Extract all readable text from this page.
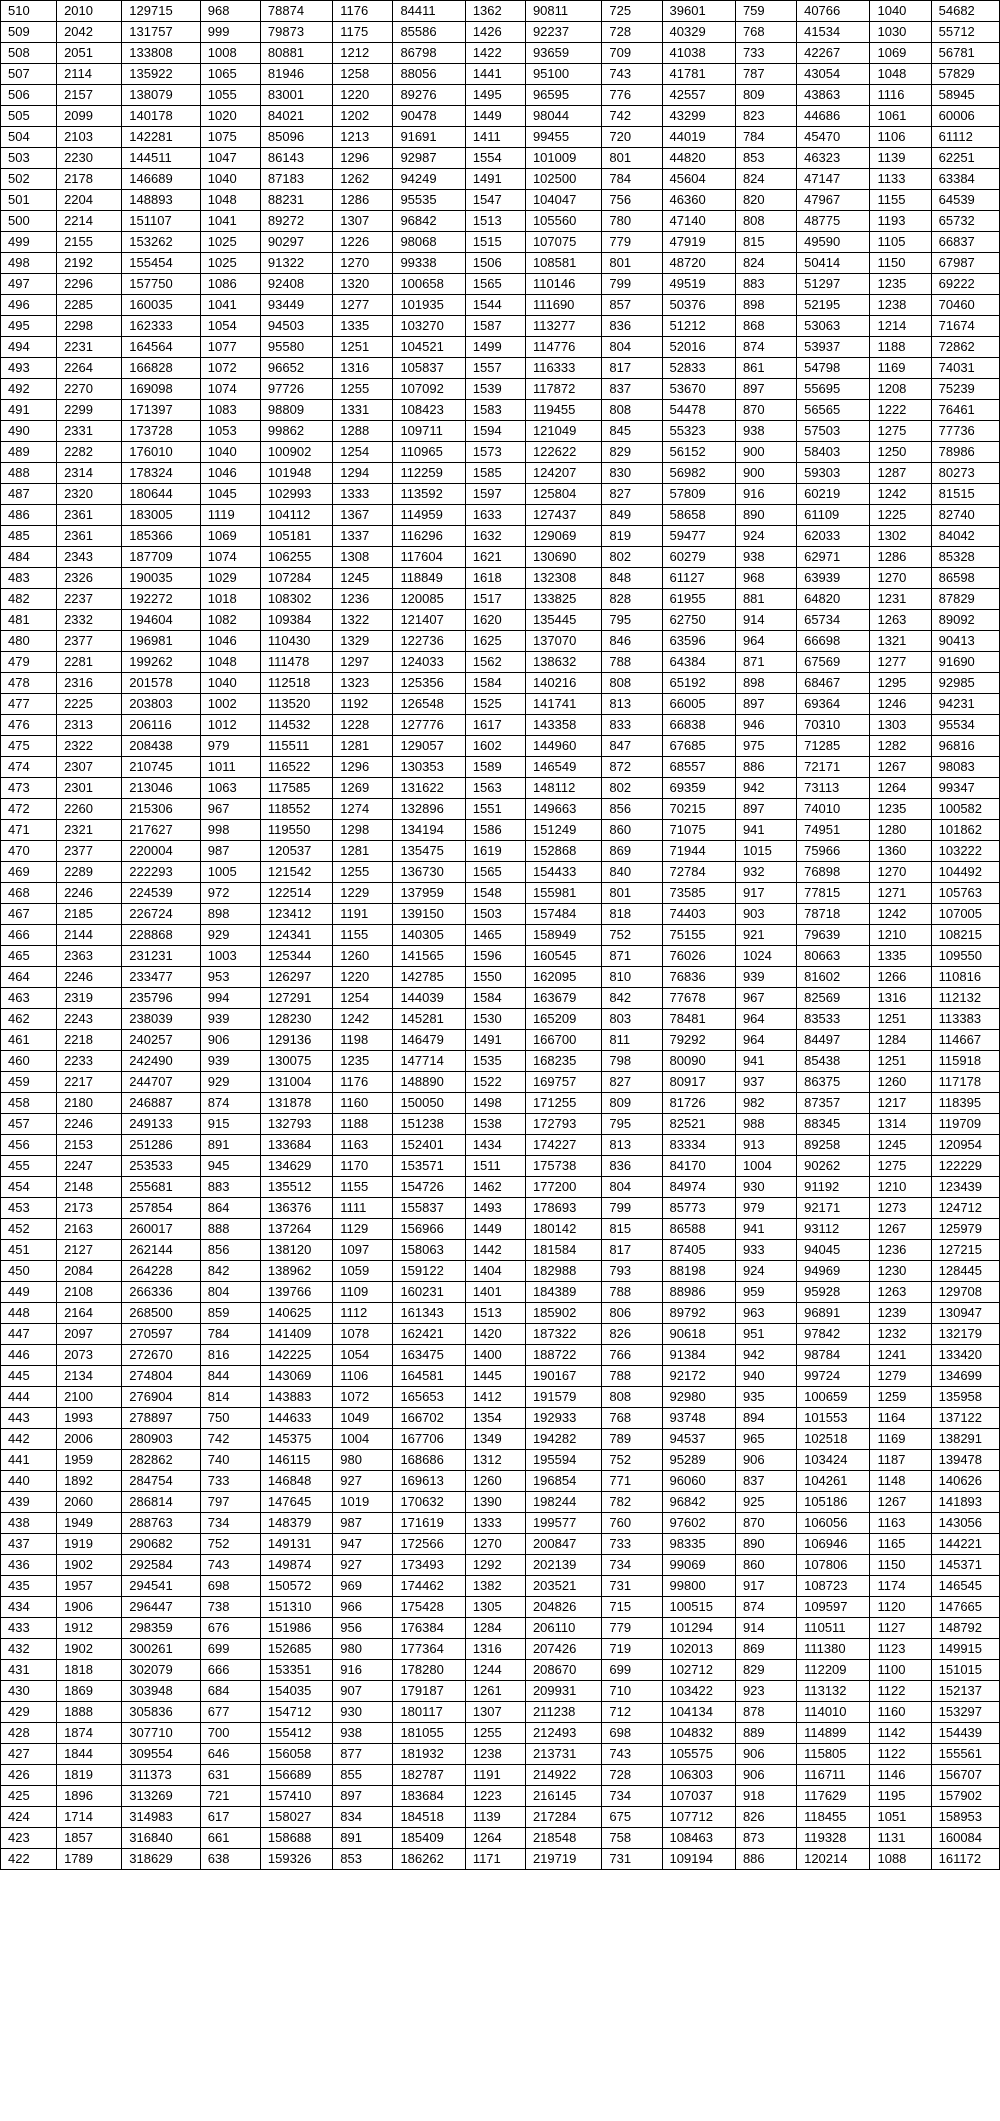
510	2010	129715	968	78874	1176	84411	1362	90811	725	39601	759	40766	1040	54682
509	2042	131757	999	79873	1175	85586	1426	92237	728	40329	768	41534	1030	55712
508	2051	133808	1008	80881	1212	86798	1422	93659	709	41038	733	42267	1069	56781
507	2114	135922	1065	81946	1258	88056	1441	95100	743	41781	787	43054	1048	57829
506	2157	138079	1055	83001	1220	89276	1495	96595	776	42557	809	43863	1116	58945
505	2099	140178	1020	84021	1202	90478	1449	98044	742	43299	823	44686	1061	60006
504	2103	142281	1075	85096	1213	91691	1411	99455	720	44019	784	45470	1106	61112
503	2230	144511	1047	86143	1296	92987	1554	101009	801	44820	853	46323	1139	62251
502	2178	146689	1040	87183	1262	94249	1491	102500	784	45604	824	47147	1133	63384
501	2204	148893	1048	88231	1286	95535	1547	104047	756	46360	820	47967	1155	64539
500	2214	151107	1041	89272	1307	96842	1513	105560	780	47140	808	48775	1193	65732
499	2155	153262	1025	90297	1226	98068	1515	107075	779	47919	815	49590	1105	66837
498	2192	155454	1025	91322	1270	99338	1506	108581	801	48720	824	50414	1150	67987
497	2296	157750	1086	92408	1320	100658	1565	110146	799	49519	883	51297	1235	69222
496	2285	160035	1041	93449	1277	101935	1544	111690	857	50376	898	52195	1238	70460
495	2298	162333	1054	94503	1335	103270	1587	113277	836	51212	868	53063	1214	71674
494	2231	164564	1077	95580	1251	104521	1499	114776	804	52016	874	53937	1188	72862
493	2264	166828	1072	96652	1316	105837	1557	116333	817	52833	861	54798	1169	74031
492	2270	169098	1074	97726	1255	107092	1539	117872	837	53670	897	55695	1208	75239
491	2299	171397	1083	98809	1331	108423	1583	119455	808	54478	870	56565	1222	76461
490	2331	173728	1053	99862	1288	109711	1594	121049	845	55323	938	57503	1275	77736
489	2282	176010	1040	100902	1254	110965	1573	122622	829	56152	900	58403	1250	78986
488	2314	178324	1046	101948	1294	112259	1585	124207	830	56982	900	59303	1287	80273
487	2320	180644	1045	102993	1333	113592	1597	125804	827	57809	916	60219	1242	81515
486	2361	183005	1119	104112	1367	114959	1633	127437	849	58658	890	61109	1225	82740
485	2361	185366	1069	105181	1337	116296	1632	129069	819	59477	924	62033	1302	84042
484	2343	187709	1074	106255	1308	117604	1621	130690	802	60279	938	62971	1286	85328
483	2326	190035	1029	107284	1245	118849	1618	132308	848	61127	968	63939	1270	86598
482	2237	192272	1018	108302	1236	120085	1517	133825	828	61955	881	64820	1231	87829
481	2332	194604	1082	109384	1322	121407	1620	135445	795	62750	914	65734	1263	89092
480	2377	196981	1046	110430	1329	122736	1625	137070	846	63596	964	66698	1321	90413
479	2281	199262	1048	111478	1297	124033	1562	138632	788	64384	871	67569	1277	91690
478	2316	201578	1040	112518	1323	125356	1584	140216	808	65192	898	68467	1295	92985
477	2225	203803	1002	113520	1192	126548	1525	141741	813	66005	897	69364	1246	94231
476	2313	206116	1012	114532	1228	127776	1617	143358	833	66838	946	70310	1303	95534
475	2322	208438	979	115511	1281	129057	1602	144960	847	67685	975	71285	1282	96816
474	2307	210745	1011	116522	1296	130353	1589	146549	872	68557	886	72171	1267	98083
473	2301	213046	1063	117585	1269	131622	1563	148112	802	69359	942	73113	1264	99347
472	2260	215306	967	118552	1274	132896	1551	149663	856	70215	897	74010	1235	100582
471	2321	217627	998	119550	1298	134194	1586	151249	860	71075	941	74951	1280	101862
470	2377	220004	987	120537	1281	135475	1619	152868	869	71944	1015	75966	1360	103222
469	2289	222293	1005	121542	1255	136730	1565	154433	840	72784	932	76898	1270	104492
468	2246	224539	972	122514	1229	137959	1548	155981	801	73585	917	77815	1271	105763
467	2185	226724	898	123412	1191	139150	1503	157484	818	74403	903	78718	1242	107005
466	2144	228868	929	124341	1155	140305	1465	158949	752	75155	921	79639	1210	108215
465	2363	231231	1003	125344	1260	141565	1596	160545	871	76026	1024	80663	1335	109550
464	2246	233477	953	126297	1220	142785	1550	162095	810	76836	939	81602	1266	110816
463	2319	235796	994	127291	1254	144039	1584	163679	842	77678	967	82569	1316	112132
462	2243	238039	939	128230	1242	145281	1530	165209	803	78481	964	83533	1251	113383
461	2218	240257	906	129136	1198	146479	1491	166700	811	79292	964	84497	1284	114667
460	2233	242490	939	130075	1235	147714	1535	168235	798	80090	941	85438	1251	115918
459	2217	244707	929	131004	1176	148890	1522	169757	827	80917	937	86375	1260	117178
458	2180	246887	874	131878	1160	150050	1498	171255	809	81726	982	87357	1217	118395
457	2246	249133	915	132793	1188	151238	1538	172793	795	82521	988	88345	1314	119709
456	2153	251286	891	133684	1163	152401	1434	174227	813	83334	913	89258	1245	120954
455	2247	253533	945	134629	1170	153571	1511	175738	836	84170	1004	90262	1275	122229
454	2148	255681	883	135512	1155	154726	1462	177200	804	84974	930	91192	1210	123439
453	2173	257854	864	136376	1111	155837	1493	178693	799	85773	979	92171	1273	124712
452	2163	260017	888	137264	1129	156966	1449	180142	815	86588	941	93112	1267	125979
451	2127	262144	856	138120	1097	158063	1442	181584	817	87405	933	94045	1236	127215
450	2084	264228	842	138962	1059	159122	1404	182988	793	88198	924	94969	1230	128445
449	2108	266336	804	139766	1109	160231	1401	184389	788	88986	959	95928	1263	129708
448	2164	268500	859	140625	1112	161343	1513	185902	806	89792	963	96891	1239	130947
447	2097	270597	784	141409	1078	162421	1420	187322	826	90618	951	97842	1232	132179
446	2073	272670	816	142225	1054	163475	1400	188722	766	91384	942	98784	1241	133420
445	2134	274804	844	143069	1106	164581	1445	190167	788	92172	940	99724	1279	134699
444	2100	276904	814	143883	1072	165653	1412	191579	808	92980	935	100659	1259	135958
443	1993	278897	750	144633	1049	166702	1354	192933	768	93748	894	101553	1164	137122
442	2006	280903	742	145375	1004	167706	1349	194282	789	94537	965	102518	1169	138291
441	1959	282862	740	146115	980	168686	1312	195594	752	95289	906	103424	1187	139478
440	1892	284754	733	146848	927	169613	1260	196854	771	96060	837	104261	1148	140626
439	2060	286814	797	147645	1019	170632	1390	198244	782	96842	925	105186	1267	141893
438	1949	288763	734	148379	987	171619	1333	199577	760	97602	870	106056	1163	143056
437	1919	290682	752	149131	947	172566	1270	200847	733	98335	890	106946	1165	144221
436	1902	292584	743	149874	927	173493	1292	202139	734	99069	860	107806	1150	145371
435	1957	294541	698	150572	969	174462	1382	203521	731	99800	917	108723	1174	146545
434	1906	296447	738	151310	966	175428	1305	204826	715	100515	874	109597	1120	147665
433	1912	298359	676	151986	956	176384	1284	206110	779	101294	914	110511	1127	148792
432	1902	300261	699	152685	980	177364	1316	207426	719	102013	869	111380	1123	149915
431	1818	302079	666	153351	916	178280	1244	208670	699	102712	829	112209	1100	151015
430	1869	303948	684	154035	907	179187	1261	209931	710	103422	923	113132	1122	152137
429	1888	305836	677	154712	930	180117	1307	211238	712	104134	878	114010	1160	153297
428	1874	307710	700	155412	938	181055	1255	212493	698	104832	889	114899	1142	154439
427	1844	309554	646	156058	877	181932	1238	213731	743	105575	906	115805	1122	155561
426	1819	311373	631	156689	855	182787	1191	214922	728	106303	906	116711	1146	156707
425	1896	313269	721	157410	897	183684	1223	216145	734	107037	918	117629	1195	157902
424	1714	314983	617	158027	834	184518	1139	217284	675	107712	826	118455	1051	158953
423	1857	316840	661	158688	891	185409	1264	218548	758	108463	873	119328	1131	160084
422	1789	318629	638	159326	853	186262	1171	219719	731	109194	886	120214	1088	161172
